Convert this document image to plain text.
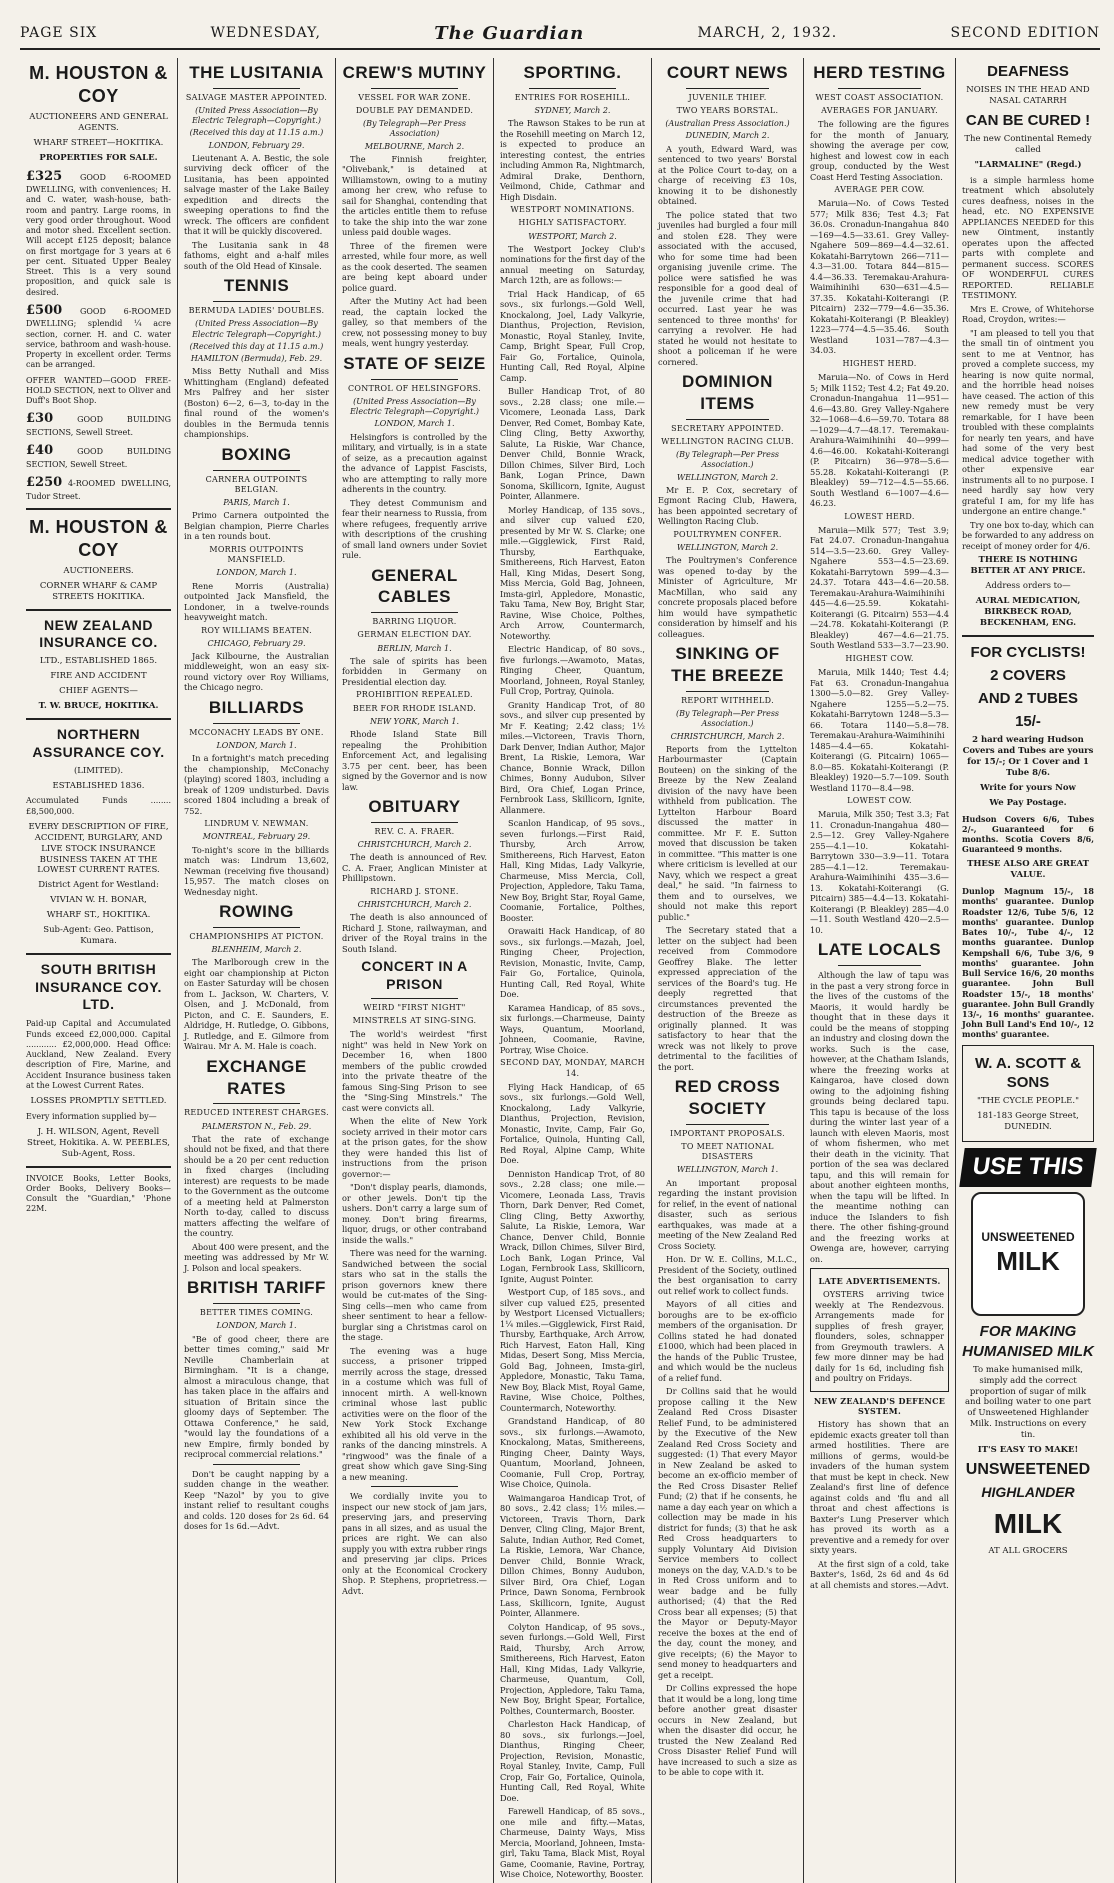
PAGE SIX	WEDNESDAY,	The Guardian	MARCH, 2, 1932.	SECOND EDITION
M. HOUSTON & COY
AUCTIONEERS AND GENERAL AGENTS.
WHARF STREET—HOKITIKA.
PROPERTIES FOR SALE.
£325 GOOD 6-ROOMED DWELLING, with conveniences; H. and C. water, wash-house, bath-room and pantry. Large rooms, in very good order throughout. Wood and motor shed. Excellent section. Will accept £125 deposit; balance on first mortgage for 3 years at 6 per cent. Situated Upper Bealey Street. This is a very sound proposition, and quick sale is desired.
£500 GOOD 6-ROOMED DWELLING; splendid ¼ acre section, corner. H. and C. water service, bathroom and wash-house. Property in excellent order. Terms can be arranged.
OFFER WANTED—GOOD FREE-HOLD SECTION, next to Oliver and Duff's Boot Shop.
£30	GOOD BUILDING SECTIONS, Sewell Street.
£40	GOOD BUILDING SECTION, Sewell Street.
£250 4-ROOMED DWELLING, Tudor Street.
M. HOUSTON & COY
AUCTIONEERS.
CORNER WHARF & CAMP STREETS HOKITIKA.
NEW ZEALAND INSURANCE CO.
LTD., ESTABLISHED 1865.
FIRE AND ACCIDENT
CHIEF AGENTS—
T. W. BRUCE, HOKITIKA.
NORTHERN ASSURANCE COY.
(LIMITED).
ESTABLISHED 1836.
Accumulated Funds ........ £8,500,000.
EVERY DESCRIPTION OF FIRE, ACCIDENT, BURGLARY, AND LIVE STOCK INSURANCE BUSINESS TAKEN AT THE LOWEST CURRENT RATES.
District Agent for Westland:
VIVIAN W. H. BONAR,
WHARF ST., HOKITIKA.
Sub-Agent: Geo. Pattison, Kumara.
SOUTH BRITISH INSURANCE COY. LTD.
Paid-up Capital and Accumulated Funds exceed £2,000,000. Capital ............ £2,000,000. Head Office: Auckland, New Zealand. Every description of Fire, Marine, and Accident Insurance business taken at the Lowest Current Rates.
LOSSES PROMPTLY SETTLED.
Every information supplied by—
J. H. WILSON, Agent, Revell Street, Hokitika. A. W. PEEBLES, Sub-Agent, Ross.
INVOICE Books, Letter Books, Order Books, Delivery Books—Consult the "Guardian," 'Phone 22M.
THE LUSITANIA
SALVAGE MASTER APPOINTED.
(United Press Association—By Electric Telegraph—Copyright.)
(Received this day at 11.15 a.m.)
LONDON, February 29.

Lieutenant A. A. Bestic, the sole surviving deck officer of the Lusitania, has been appointed salvage master of the Lake Bailey expedition and directs the sweeping operations to find the wreck. The officers are confident that it will be quickly discovered.

The Lusitania sank in 48 fathoms, eight and a-half miles south of the Old Head of Kinsale.

TENNIS
BERMUDA LADIES' DOUBLES.
(United Press Association—By Electric Telegraph—Copyright.)
(Received this day at 11.15 a.m.)
HAMILTON (Bermuda), Feb. 29.

Miss Betty Nuthall and Miss Whittingham (England) defeated Mrs Palfrey and her sister (Boston) 6—2, 6—3, to-day in the final round of the women's doubles in the Bermuda tennis championships.

BOXING
CARNERA OUTPOINTS BELGIAN.
PARIS, March 1.

Primo Carnera outpointed the Belgian champion, Pierre Charles in a ten rounds bout.

MORRIS OUTPOINTS MANSFIELD.
LONDON, March 1.

Rene Morris (Australia) outpointed Jack Mansfield, the Londoner, in a twelve-rounds heavyweight match.

ROY WILLIAMS BEATEN.
CHICAGO, February 29.

Jack Kilbourne, the Australian middleweight, won an easy six-round victory over Roy Williams, the Chicago negro.

BILLIARDS
MCCONACHY LEADS BY ONE.
LONDON, March 1.

In a fortnight's match preceding the championship, McConachy (playing) scored 1803, including a break of 1209 undisturbed. Davis scored 1804 including a break of 752.

LINDRUM V. NEWMAN.
MONTREAL, February 29.

To-night's score in the billiards match was: Lindrum 13,602, Newman (receiving five thousand) 15,957. The match closes on Wednesday night.

ROWING
CHAMPIONSHIPS AT PICTON.
BLENHEIM, March 2.

The Marlborough crew in the eight oar championship at Picton on Easter Saturday will be chosen from L. Jackson, W. Charters, V. Olsen, and J. McDonald, from Picton, and C. E. Saunders, E. Aldridge, H. Rutledge, O. Gibbons, J. Rutledge, and E. Gilmore from Wairau. Mr A. M. Hale is coach.

EXCHANGE RATES
REDUCED INTEREST CHARGES.
PALMERSTON N., Feb. 29.

That the rate of exchange should not be fixed, and that there should be a 20 per cent reduction in fixed charges (including interest) are requests to be made to the Government as the outcome of a meeting held at Palmerston North to-day, called to discuss matters affecting the welfare of the country.

About 400 were present, and the meeting was addressed by Mr W. J. Polson and local speakers.

BRITISH TARIFF
BETTER TIMES COMING.
LONDON, March 1.

"Be of good cheer, there are better times coming," said Mr Neville Chamberlain at Birmingham. "It is a change, almost a miraculous change, that has taken place in the affairs and situation of Britain since the gloomy days of September. The Ottawa Conference," he said, "would lay the foundations of a new Empire, firmly bonded by reciprocal commercial relations."

Don't be caught napping by a sudden change in the weather. Keep "Nazol" by you to give instant relief to resultant coughs and colds. 120 doses for 2s 6d. 64 doses for 1s 6d.—Advt.

CREW'S MUTINY
VESSEL FOR WAR ZONE.
DOUBLE PAY DEMANDED.
(By Telegraph—Per Press Association)
MELBOURNE, March 2.

The Finnish freighter, "Olivebank," is detained at Williamstown, owing to a mutiny among her crew, who refuse to sail for Shanghai, contending that the articles entitle them to refuse to take the ship into the war zone unless paid double wages.

Three of the firemen were arrested, while four more, as well as the cook deserted. The seamen are being kept aboard under police guard.

After the Mutiny Act had been read, the captain locked the galley, so that members of the crew, not possessing money to buy meals, went hungry yesterday.

STATE OF SEIZE
CONTROL OF HELSINGFORS.
(United Press Association—By Electric Telegraph—Copyright.)
LONDON, March 1.

Helsingfors is controlled by the military, and virtually, is in a state of seize, as a precaution against the advance of Lappist Fascists, who are attempting to rally more adherents in the country.

They detest Communism and fear their nearness to Russia, from where refugees, frequently arrive with descriptions of the crushing of small land owners under Soviet rule.

GENERAL CABLES
BARRING LIQUOR.
GERMAN ELECTION DAY.
BERLIN, March 1.

The sale of spirits has been forbidden in Germany on Presidential election day.

PROHIBITION REPEALED.
BEER FOR RHODE ISLAND.
NEW YORK, March 1.

Rhode Island State Bill repealing the Prohibition Enforcement Act, and legalising 3.75 per cent. beer, has been signed by the Governor and is now law.

OBITUARY
REV. C. A. FRAER.
CHRISTCHURCH, March 2.

The death is announced of Rev. C. A. Fraer, Anglican Minister at Phillipstown.

RICHARD J. STONE.
CHRISTCHURCH, March 2.

The death is also announced of Richard J. Stone, railwayman, and driver of the Royal trains in the South Island.

CONCERT IN A PRISON
WEIRD "FIRST NIGHT"
MINSTRELS AT SING-SING.

The world's weirdest "first night" was held in New York on December 16, when 1800 members of the public crowded into the private theatre of the famous Sing-Sing Prison to see the "Sing-Sing Minstrels." The cast were convicts all.

When the elite of New York society arrived in their motor cars at the prison gates, for the show they were handed this list of instructions from the prison governor:—

"Don't display pearls, diamonds, or other jewels. Don't tip the ushers. Don't carry a large sum of money. Don't bring firearms, liquor, drugs, or other contraband inside the walls."

There was need for the warning. Sandwiched between the social stars who sat in the stalls the prison governors knew there would be cut-mates of the Sing-Sing cells—men who came from sheer sentiment to hear a fellow-burglar sing a Christmas carol on the stage.

The evening was a huge success, a prisoner tripped merrily across the stage, dressed in a costume which was full of innocent mirth. A well-known criminal whose last public activities were on the floor of the New York Stock Exchange exhibited all his old verve in the ranks of the dancing minstrels. A "ringwood" was the finale of a great show which gave Sing-Sing a new meaning.

We cordially invite you to inspect our new stock of jam jars, preserving jars, and preserving pans in all sizes, and as usual the prices are right. We can also supply you with extra rubber rings and preserving jar clips. Prices only at the Economical Crockery Shop. P. Stephens, proprietress.—Advt.

SPORTING.
ENTRIES FOR ROSEHILL.
SYDNEY, March 2.

The Rawson Stakes to be run at the Rosehill meeting on March 12, is expected to produce an interesting contest, the entries including Ammon Ra, Nightmarch, Admiral Drake, Denthorn, Veilmond, Chide, Cathmar and High Disdain.

WESTPORT NOMINATIONS.
HIGHLY SATISFACTORY.
WESTPORT, March 2.

The Westport Jockey Club's nominations for the first day of the annual meeting on Saturday, March 12th, are as follows:—

Trial Hack Handicap, of 65 sovs., six furlongs.—Gold Well, Knockalong, Joel, Lady Valkyrie, Dianthus, Projection, Revision, Monastic, Royal Stanley, Invite, Camp, Bright Spear, Full Crop, Fair Go, Fortalice, Quinola, Hunting Call, Red Royal, Alpine Camp.

Buller Handicap Trot, of 80 sovs., 2.28 class; one mile.—Vicomere, Leonada Lass, Dark Denver, Red Comet, Bombay Kate, Cling Cling, Betty Axworthy, Salute, La Riskie, War Chance, Denver Child, Bonnie Wrack, Dillon Chimes, Silver Bird, Loch Bank, Logan Prince, Dawn Sonoma, Skillicorn, Ignite, August Pointer, Allanmere.

Morley Handicap, of 135 sovs., and silver cup valued £20, presented by Mr W. S. Clarke; one mile.—Gigglewick, First Raid, Thursby, Earthquake, Smithereens, Rich Harvest, Eaton Hall, King Midas, Desert Song, Miss Mercia, Gold Bag, Johneen, Imsta-girl, Appledore, Monastic, Taku Tama, New Boy, Bright Star, Ravine, Wise Choice, Polthes, Arch Arrow, Countermarch, Noteworthy.

Electric Handicap, of 80 sovs., five furlongs.—Awamoto, Matas, Ringing Cheer, Quantum, Moorland, Johneen, Royal Stanley, Full Crop, Portray, Quinola.

Granity Handicap Trot, of 80 sovs., and silver cup presented by Mr F. Keating; 2.42 class; 1½ miles.—Victoreen, Travis Thorn, Dark Denver, Indian Author, Major Brent, La Riskie, Lemora, War Chance, Bonnie Wrack, Dillon Chimes, Bonny Audubon, Silver Bird, Ora Chief, Logan Prince, Fernbrook Lass, Skillicorn, Ignite, Allanmere.

Scanlon Handicap, of 95 sovs., seven furlongs.—First Raid, Thursby, Arch Arrow, Smithereens, Rich Harvest, Eaton Hall, King Midas, Lady Valkyrie, Charmeuse, Miss Mercia, Coll, Projection, Appledore, Taku Tama, New Boy, Bright Star, Royal Game, Coomanie, Fortalice, Polthes, Booster.

Orawaiti Hack Handicap, of 80 sovs., six furlongs.—Mazah, Joel, Ringing Cheer, Projection, Revision, Monastic, Invite, Camp, Fair Go, Fortalice, Quinola, Hunting Call, Red Royal, White Doe.

Karamea Handicap, of 85 sovs., six furlongs.—Charmeuse, Dainty Ways, Quantum, Moorland, Johneen, Coomanie, Ravine, Portray, Wise Choice.

SECOND DAY, MONDAY, MARCH 14.

Flying Hack Handicap, of 65 sovs., six furlongs.—Gold Well, Knockalong, Lady Valkyrie, Dianthus, Projection, Revision, Monastic, Invite, Camp, Fair Go, Fortalice, Quinola, Hunting Call, Red Royal, Alpine Camp, White Doe.

Denniston Handicap Trot, of 80 sovs., 2.28 class; one mile.—Vicomere, Leonada Lass, Travis Thorn, Dark Denver, Red Comet, Cling Cling, Betty Axworthy, Salute, La Riskie, Lemora, War Chance, Denver Child, Bonnie Wrack, Dillon Chimes, Silver Bird, Loch Bank, Logan Prince, Val Logan, Fernbrook Lass, Skillicorn, Ignite, August Pointer.

Westport Cup, of 185 sovs., and silver cup valued £25, presented by Westport Licensed Victuallers; 1¼ miles.—Gigglewick, First Raid, Thursby, Earthquake, Arch Arrow, Rich Harvest, Eaton Hall, King Midas, Desert Song, Miss Mercia, Gold Bag, Johneen, Imsta-girl, Appledore, Monastic, Taku Tama, New Boy, Black Mist, Royal Game, Ravine, Wise Choice, Polthes, Countermarch, Noteworthy.

Grandstand Handicap, of 80 sovs., six furlongs.—Awamoto, Knockalong, Matas, Smithereens, Ringing Cheer, Dainty Ways, Quantum, Moorland, Johneen, Coomanie, Full Crop, Portray, Wise Choice, Quinola.

Waimangaroa Handicap Trot, of 80 sovs., 2.42 class; 1½ miles.—Victoreen, Travis Thorn, Dark Denver, Cling Cling, Major Brent, Salute, Indian Author, Red Comet, La Riskie, Lemora, War Chance, Denver Child, Bonnie Wrack, Dillon Chimes, Bonny Audubon, Silver Bird, Ora Chief, Logan Prince, Dawn Sonoma, Fernbrook Lass, Skillicorn, Ignite, August Pointer, Allanmere.

Colyton Handicap, of 95 sovs., seven furlongs.—Gold Well, First Raid, Thursby, Arch Arrow, Smithereens, Rich Harvest, Eaton Hall, King Midas, Lady Valkyrie, Charmeuse, Quantum, Coll, Projection, Appledore, Taku Tama, New Boy, Bright Spear, Fortalice, Polthes, Countermarch, Booster.

Charleston Hack Handicap, of 80 sovs., six furlongs.—Joel, Dianthus, Ringing Cheer, Projection, Revision, Monastic, Royal Stanley, Invite, Camp, Full Crop, Fair Go, Fortalice, Quinola, Hunting Call, Red Royal, White Doe.

Farewell Handicap, of 85 sovs., one mile and fifty.—Matas, Charmeuse, Dainty Ways, Miss Mercia, Moorland, Johneen, Imsta-girl, Taku Tama, Black Mist, Royal Game, Coomanie, Ravine, Portray, Wise Choice, Noteworthy, Booster.

COURT NEWS
JUVENILE THIEF.
TWO YEARS BORSTAL.
(Australian Press Association.)
DUNEDIN, March 2.

A youth, Edward Ward, was sentenced to two years' Borstal at the Police Court to-day, on a charge of receiving £3 10s, knowing it to be dishonestly obtained.

The police stated that two juveniles had burgled a four mill and stolen £28. They were associated with the accused, who for some time had been organising juvenile crime. The police were satisfied he was responsible for a good deal of the juvenile crime that had occurred. Last year he was sentenced to three months' for carrying a revolver. He had stated he would not hesitate to shoot a policeman if he were cornered.

DOMINION ITEMS
SECRETARY APPOINTED.
WELLINGTON RACING CLUB.
(By Telegraph—Per Press Association.)
WELLINGTON, March 2.

Mr E. P. Cox, secretary of Egmont Racing Club, Hawera, has been appointed secretary of Wellington Racing Club.

POULTRYMEN CONFER.
WELLINGTON, March 2.

The Poultrymen's Conference was opened to-day by the Minister of Agriculture, Mr MacMillan, who said any concrete proposals placed before him would have sympathetic consideration by himself and his colleagues.

SINKING OF THE BREEZE
REPORT WITHHELD.
(By Telegraph—Per Press Association.)
CHRISTCHURCH, March 2.

Reports from the Lyttelton Harbourmaster (Captain Bouteen) on the sinking of the Breeze by the New Zealand division of the navy have been withheld from publication. The Lyttelton Harbour Board discussed the matter in committee. Mr F. E. Sutton moved that discussion be taken in committee. "This matter is one where criticism is levelled at our Navy, which we respect a great deal," he said. "In fairness to them and to ourselves, we should not make this report public."

The Secretary stated that a letter on the subject had been received from Commodore Geoffrey Blake. The letter expressed appreciation of the services of the Board's tug. He deeply regretted that circumstances prevented the destruction of the Breeze as originally planned. It was satisfactory to hear that the wreck was not likely to prove detrimental to the facilities of the port.

RED CROSS SOCIETY
IMPORTANT PROPOSALS.
TO MEET NATIONAL DISASTERS
WELLINGTON, March 1.

An important proposal regarding the instant provision for relief, in the event of national disaster, such as serious earthquakes, was made at a meeting of the New Zealand Red Cross Society.

Hon. Dr W. E. Collins, M.L.C., President of the Society, outlined the best organisation to carry out relief work to collect funds.

Mayors of all cities and boroughs are to be ex-officio members of the organisation. Dr Collins stated he had donated £1000, which had been placed in the hands of the Public Trustee, and which would be the nucleus of a relief fund.

Dr Collins said that he would propose calling it the New Zealand Red Cross Disaster Relief Fund, to be administered by the Executive of the New Zealand Red Cross Society and suggested: (1) That every Mayor in New Zealand be asked to become an ex-officio member of the Red Cross Disaster Relief Fund; (2) that if he consents, he name a day each year on which a collection may be made in his district for funds; (3) that he ask Red Cross headquarters to supply Voluntary Aid Division Service members to collect moneys on the day, V.A.D.'s to be in Red Cross uniform and to wear badge and be fully authorised; (4) that the Red Cross bear all expenses; (5) that the Mayor or Deputy-Mayor receive the boxes at the end of the day, count the money, and give receipts; (6) the Mayor to send money to headquarters and get a receipt.

Dr Collins expressed the hope that it would be a long, long time before another great disaster occurs in New Zealand, but when the disaster did occur, he trusted the New Zealand Red Cross Disaster Relief Fund will have increased to such a size as to be able to cope with it.

HERD TESTING
WEST COAST ASSOCIATION.
AVERAGES FOR JANUARY.

The following are the figures for the month of January, showing the average per cow, highest and lowest cow in each group, conducted by the West Coast Herd Testing Association.

AVERAGE PER COW.

Maruia—No. of Cows Tested 577; Milk 836; Test 4.3; Fat 36.0s. Cronadun-Inangahua 840—169—4.5—33.61. Grey Valley-Ngahere 509—869—4.4—32.61. Kokatahi-Barrytown 266—711—4.3—31.00. Totara 844—815—4.4—36.33. Teremakau-Arahura-Waimihinihi 630—631—4.5—37.35. Kokatahi-Koiterangi (P. Pitcairn) 232—779—4.6—35.36. Kokatahi-Koiterangi (P. Bleakley) 1223—774—4.5—35.46. South Westland 1031—787—4.3—34.03.

HIGHEST HERD.

Maruia—No. of Cows in Herd 5; Milk 1152; Test 4.2; Fat 49.20. Cronadun-Inangahua 11—951—4.6—43.80. Grey Valley-Ngahere 32—1068—4.6—59.70. Totara 88—1029—4.7—48.17. Teremakau-Arahura-Waimihinihi 40—999—4.6—46.00. Kokatahi-Koiterangi (P. Pitcairn) 36—978—5.6—55.28. Kokatahi-Koiterangi (P. Bleakley) 59—712—4.5—55.66. South Westland 6—1007—4.6—46.23.

LOWEST HERD.

Maruia—Milk 577; Test 3.9; Fat 24.07. Cronadun-Inangahua 514—3.5—23.60. Grey Valley-Ngahere 553—4.5—23.69. Kokatahi-Barrytown 599—4.3—24.37. Totara 443—4.6—20.58. Teremakau-Arahura-Waimihinihi 445—4.6—25.59. Kokatahi-Koiterangi (G. Pitcairn) 553—4.4—24.78. Kokatahi-Koiterangi (P. Bleakley) 467—4.6—21.75. South Westland 533—3.7—23.90.

HIGHEST COW.

Maruia, Milk 1440; Test 4.4; Fat 63. Cronadun-Inangahua 1300—5.0—82. Grey Valley-Ngahere 1255—5.2—75. Kokatahi-Barrytown 1248—5.3—66. Totara 1140—5.8—78. Teremakau-Arahura-Waimihinihi 1485—4.4—65. Kokatahi-Koiterangi (G. Pitcairn) 1065—8.0—85. Kokatahi-Koiterangi (P. Bleakley) 1920—5.7—109. South Westland 1170—8.4—98.

LOWEST COW.

Maruia, Milk 350; Test 3.3; Fat 11. Cronadun-Inangahua 480—2.5—12. Grey Valley-Ngahere 255—4.1—10. Kokatahi-Barrytown 330—3.9—11. Totara 285—4.1—12. Teremakau-Arahura-Waimihinihi 435—3.6—13. Kokatahi-Koiterangi (G. Pitcairn) 385—4.4—13. Kokatahi-Koiterangi (P. Bleakley) 285—4.0—11. South Westland 420—2.5—10.

LATE LOCALS

Although the law of tapu was in the past a very strong force in the lives of the customs of the Maoris, it would hardly be thought that in these days it could be the means of stopping an industry and closing down the works. Such is the case, however, at the Chatham Islands, where the freezing works at Kaingaroa, have closed down owing to the adjoining fishing grounds being declared tapu. This tapu is because of the loss during the winter last year of a launch with eleven Maoris, most of whom fishermen, who met their death in the vicinity. That portion of the sea was declared tapu, and this will remain for about another eighteen months, when the tapu will be lifted. In the meantime nothing can induce the Islanders to fish there. The other fishing-ground and the freezing works at Owenga are, however, carrying on.

LATE ADVERTISEMENTS.

OYSTERS arriving twice weekly at The Rendezvous. Arrangements made for supplies of fresh grayer, flounders, soles, schnapper from Greymouth trawlers. A few more dinner may be had daily for 1s 6d, including fish and poultry on Fridays.

NEW ZEALAND'S DEFENCE SYSTEM.

History has shown that an epidemic exacts greater toll than armed hostilities. There are millions of germs, would-be invaders of the human system that must be kept in check. New Zealand's first line of defence against colds and 'flu and all throat and chest affections is Baxter's Lung Preserver which has proved its worth as a preventive and a remedy for over sixty years.

At the first sign of a cold, take Baxter's, 1s6d, 2s 6d and 4s 6d at all chemists and stores.—Advt.

DEAFNESS
NOISES IN THE HEAD AND NASAL CATARRH
CAN BE CURED !
The new Continental Remedy called
"LARMALINE" (Regd.)

is a simple harmless home treatment which absolutely cures deafness, noises in the head, etc. NO EXPENSIVE APPLIANCES NEEDED for this new Ointment, instantly operates upon the affected parts with complete and permanent success. SCORES OF WONDERFUL CURES REPORTED. RELIABLE TESTIMONY.

Mrs E. Crowe, of Whitehorse Road, Croydon, writes:—

"I am pleased to tell you that the small tin of ointment you sent to me at Ventnor, has proved a complete success, my hearing is now quite normal, and the horrible head noises have ceased. The action of this new remedy must be very remarkable, for I have been troubled with these complaints for nearly ten years, and have had some of the very best medical advice together with other expensive ear instruments all to no purpose. I need hardly say how very grateful I am, for my life has undergone an entire change."

Try one box to-day, which can be forwarded to any address on receipt of money order for 4/6.

THERE IS NOTHING BETTER AT ANY PRICE.
Address orders to—
AURAL MEDICATION, BIRKBECK ROAD, BECKENHAM, ENG.
FOR CYCLISTS!
2 COVERS
AND 2 TUBES
15/-
2 hard wearing Hudson Covers and Tubes are yours for 15/-; Or 1 Cover and 1 Tube 8/6.
Write for yours Now
We Pay Postage.
Hudson Covers 6/6, Tubes 2/-, Guaranteed for 6 months. Scotia Covers 8/6, Guaranteed 9 months.
THESE ALSO ARE GREAT VALUE.
Dunlop Magnum 15/-, 18 months' guarantee. Dunlop Roadster 12/6, Tube 5/6, 12 months' guarantee. Dunlop Bates 10/-, Tube 4/-, 12 months guarantee. Dunlop Kempshall 6/6, Tube 3/6, 9 months' guarantee. John Bull Service 16/6, 20 months guarantee. John Bull Roadster 15/-, 18 months' guarantee. John Bull Grandly 13/-, 16 months' guarantee. John Bull Land's End 10/-, 12 months' guarantee.
W. A. SCOTT & SONS
"THE CYCLE PEOPLE."
181-183 George Street, DUNEDIN.
USE THIS
UNSWEETENED
MILK
FOR MAKING HUMANISED MILK
To make humanised milk, simply add the correct proportion of sugar of milk and boiling water to one part of Unsweetened Highlander Milk. Instructions on every tin.
IT'S EASY TO MAKE!
UNSWEETENED
HIGHLANDER
MILK
AT ALL GROCERS
